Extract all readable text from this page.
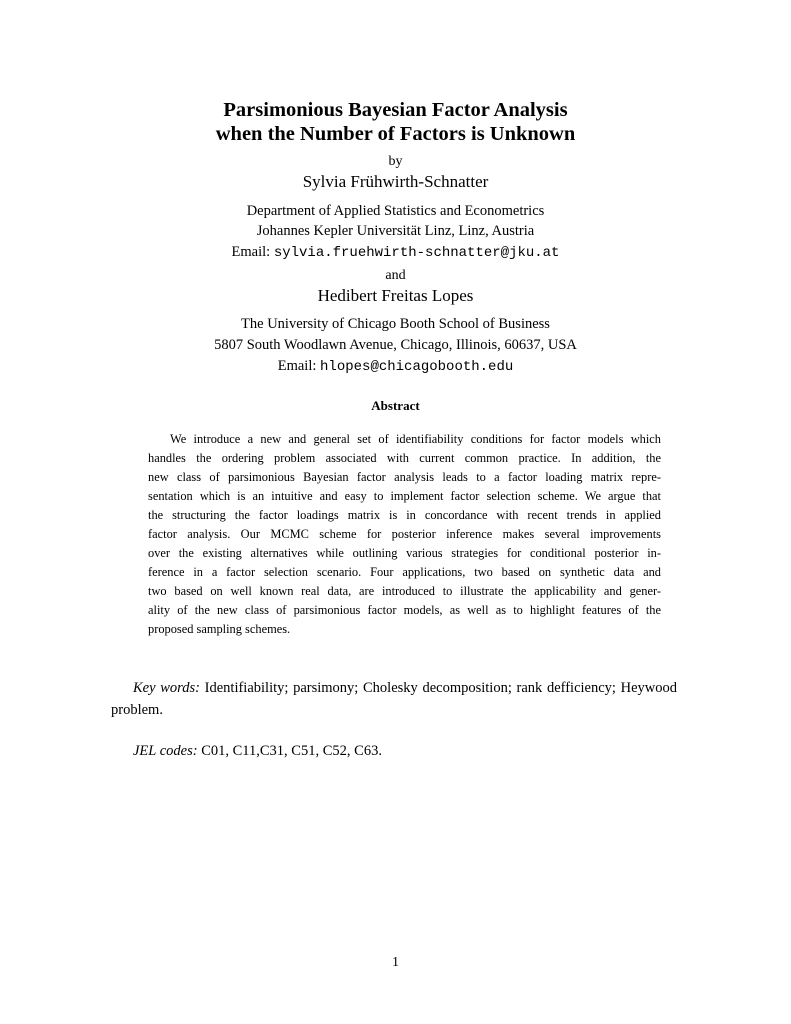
Parsimonious Bayesian Factor Analysis
when the Number of Factors is Unknown
by
Sylvia Frühwirth-Schnatter
Department of Applied Statistics and Econometrics
Johannes Kepler Universität Linz, Linz, Austria
Email: sylvia.fruehwirth-schnatter@jku.at
and
Hedibert Freitas Lopes
The University of Chicago Booth School of Business
5807 South Woodlawn Avenue, Chicago, Illinois, 60637, USA
Email: hlopes@chicagobooth.edu
Abstract
We introduce a new and general set of identifiability conditions for factor models which
handles the ordering problem associated with current common practice. In addition, the
new class of parsimonious Bayesian factor analysis leads to a factor loading matrix repre-
sentation which is an intuitive and easy to implement factor selection scheme. We argue that
the structuring the factor loadings matrix is in concordance with recent trends in applied
factor analysis. Our MCMC scheme for posterior inference makes several improvements
over the existing alternatives while outlining various strategies for conditional posterior in-
ference in a factor selection scenario. Four applications, two based on synthetic data and
two based on well known real data, are introduced to illustrate the applicability and gener-
ality of the new class of parsimonious factor models, as well as to highlight features of the
proposed sampling schemes.
Key words: Identifiability; parsimony; Cholesky decomposition; rank defficiency; Heywood
problem.
JEL codes: C01, C11,C31, C51, C52, C63.
1
